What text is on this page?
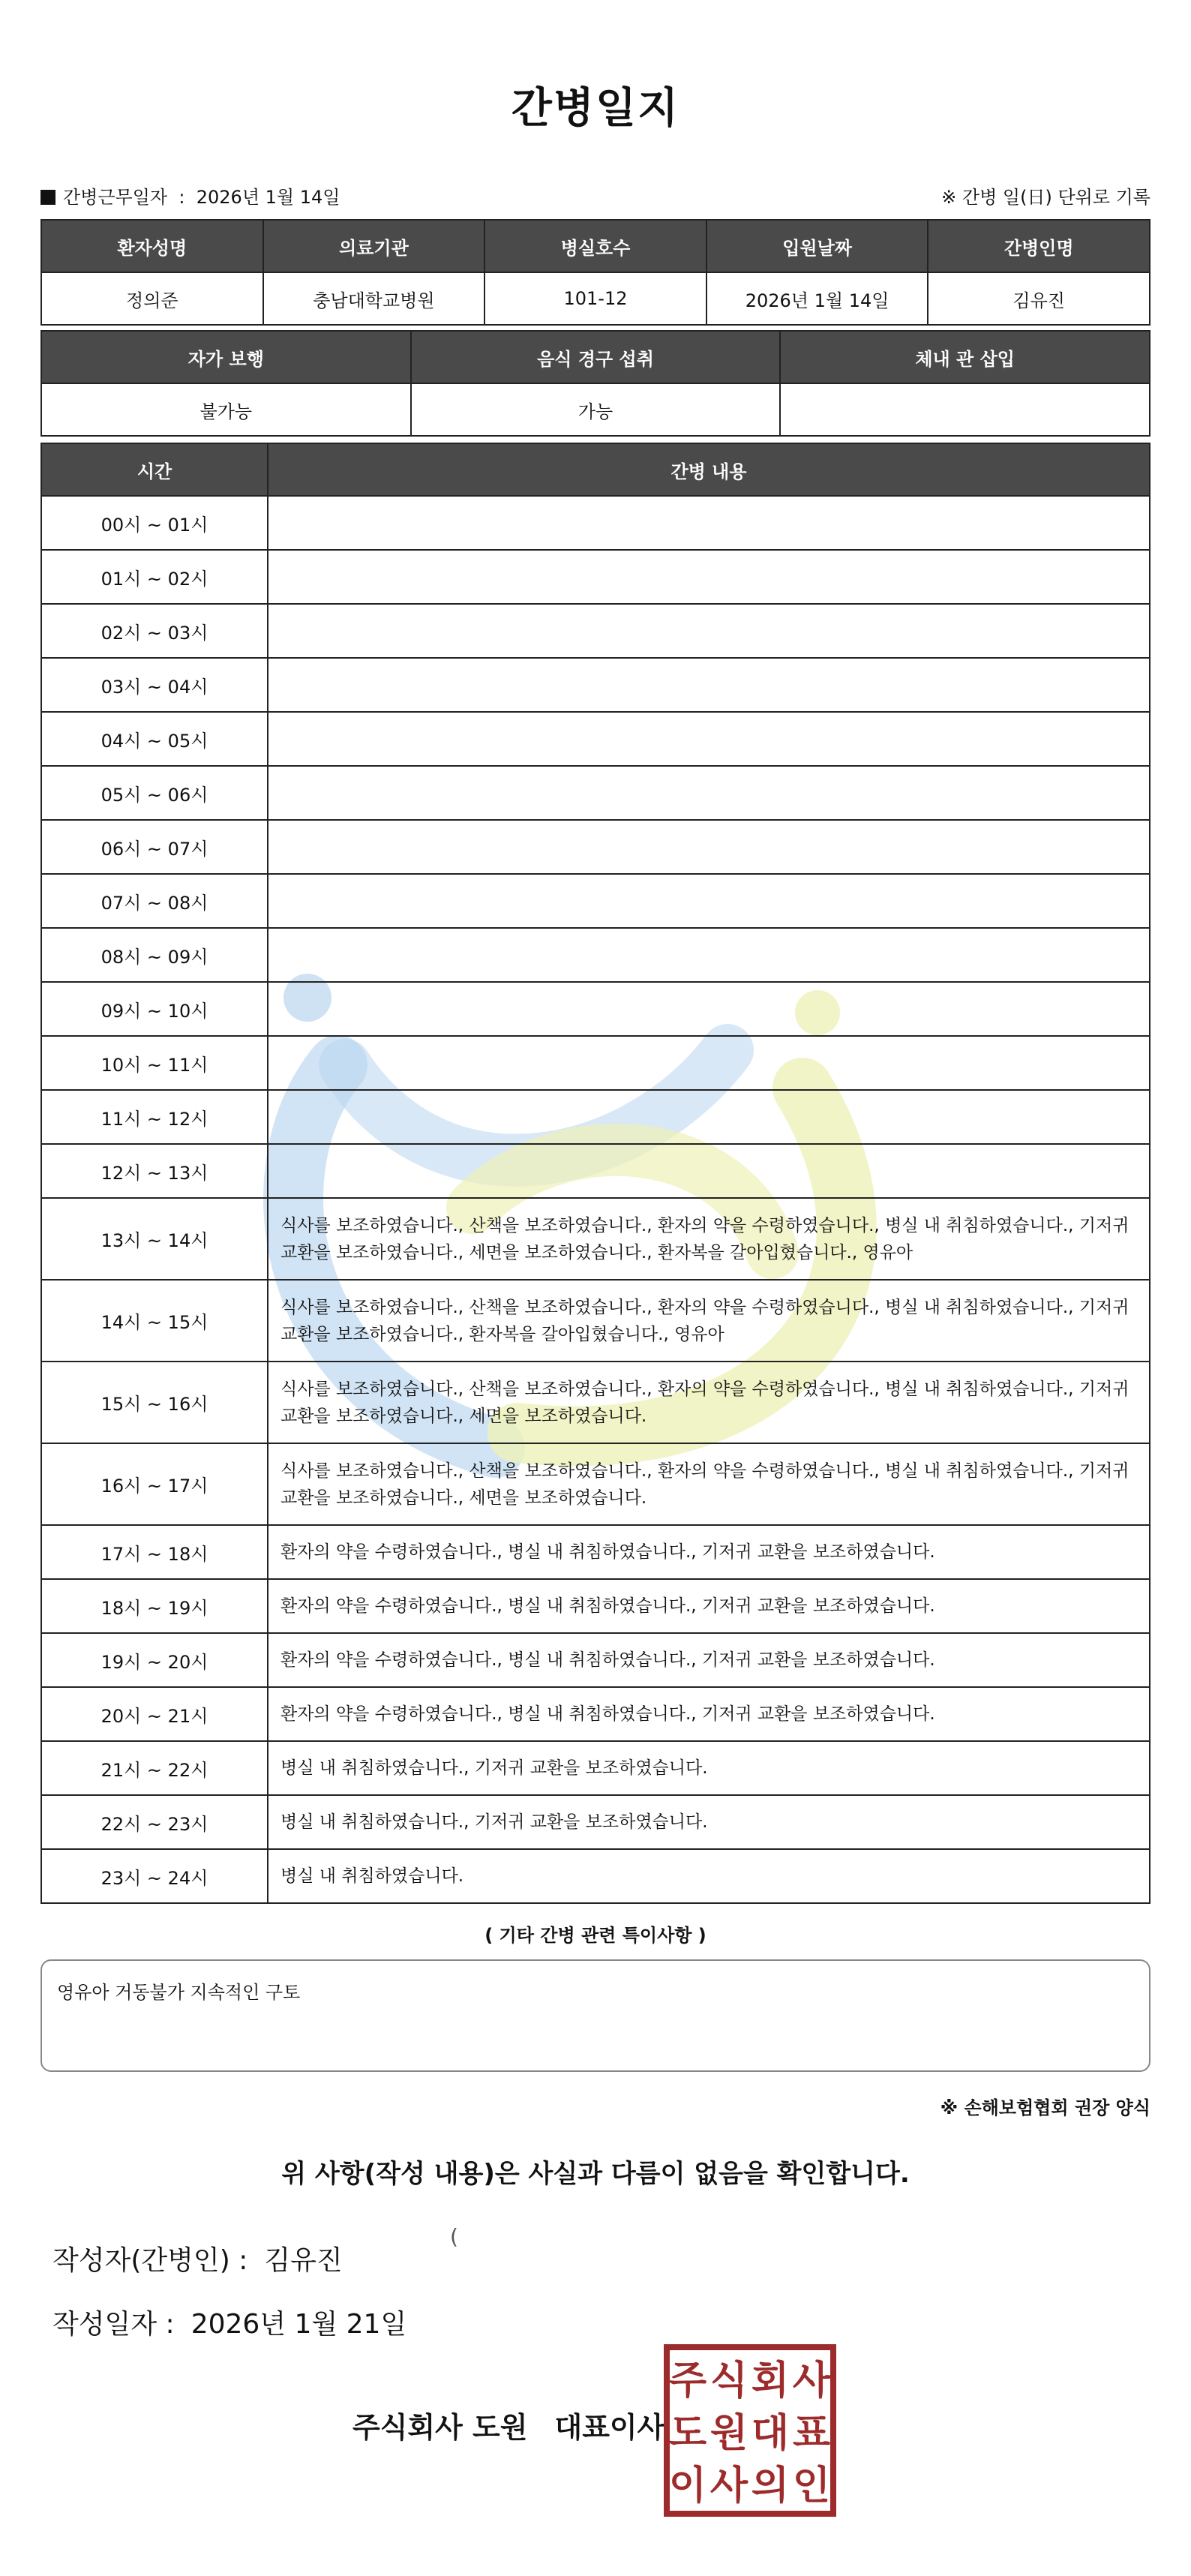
간병일지
간병근무일자 : 2026년 1월 14일	※ 간병 일(日) 단위로 기록
환자성명	의료기관	병실호수	입원날짜	간병인명
정의준	충남대학교병원	101-12	2026년 1월 14일	김유진
자가 보행	음식 경구 섭취	체내 관 삽입
불가능	가능	
시간	간병 내용
00시 ~ 01시	
01시 ~ 02시	
02시 ~ 03시	
03시 ~ 04시	
04시 ~ 05시	
05시 ~ 06시	
06시 ~ 07시	
07시 ~ 08시	
08시 ~ 09시	
09시 ~ 10시	
10시 ~ 11시	
11시 ~ 12시	
12시 ~ 13시	
13시 ~ 14시	식사를 보조하였습니다., 산책을 보조하였습니다., 환자의 약을 수령하였습니다., 병실 내 취침하였습니다., 기저귀 교환을 보조하였습니다., 세면을 보조하였습니다., 환자복을 갈아입혔습니다., 영유아
14시 ~ 15시	식사를 보조하였습니다., 산책을 보조하였습니다., 환자의 약을 수령하였습니다., 병실 내 취침하였습니다., 기저귀 교환을 보조하였습니다., 환자복을 갈아입혔습니다., 영유아
15시 ~ 16시	식사를 보조하였습니다., 산책을 보조하였습니다., 환자의 약을 수령하였습니다., 병실 내 취침하였습니다., 기저귀 교환을 보조하였습니다., 세면을 보조하였습니다.
16시 ~ 17시	식사를 보조하였습니다., 산책을 보조하였습니다., 환자의 약을 수령하였습니다., 병실 내 취침하였습니다., 기저귀 교환을 보조하였습니다., 세면을 보조하였습니다.
17시 ~ 18시	환자의 약을 수령하였습니다., 병실 내 취침하였습니다., 기저귀 교환을 보조하였습니다.
18시 ~ 19시	환자의 약을 수령하였습니다., 병실 내 취침하였습니다., 기저귀 교환을 보조하였습니다.
19시 ~ 20시	환자의 약을 수령하였습니다., 병실 내 취침하였습니다., 기저귀 교환을 보조하였습니다.
20시 ~ 21시	환자의 약을 수령하였습니다., 병실 내 취침하였습니다., 기저귀 교환을 보조하였습니다.
21시 ~ 22시	병실 내 취침하였습니다., 기저귀 교환을 보조하였습니다.
22시 ~ 23시	병실 내 취침하였습니다., 기저귀 교환을 보조하였습니다.
23시 ~ 24시	병실 내 취침하였습니다.
( 기타 간병 관련 특이사항 )
영유아 거동불가 지속적인 구토
※ 손해보험협회 권장 양식
위 사항(작성 내용)은 사실과 다름이 없음을 확인합니다.
작성자(간병인) : 김유진
(
작성일자 : 2026년 1월 21일
주식회사 도원 대표이사
주 식 회 사
도 원 대 표
이 사 의 인
